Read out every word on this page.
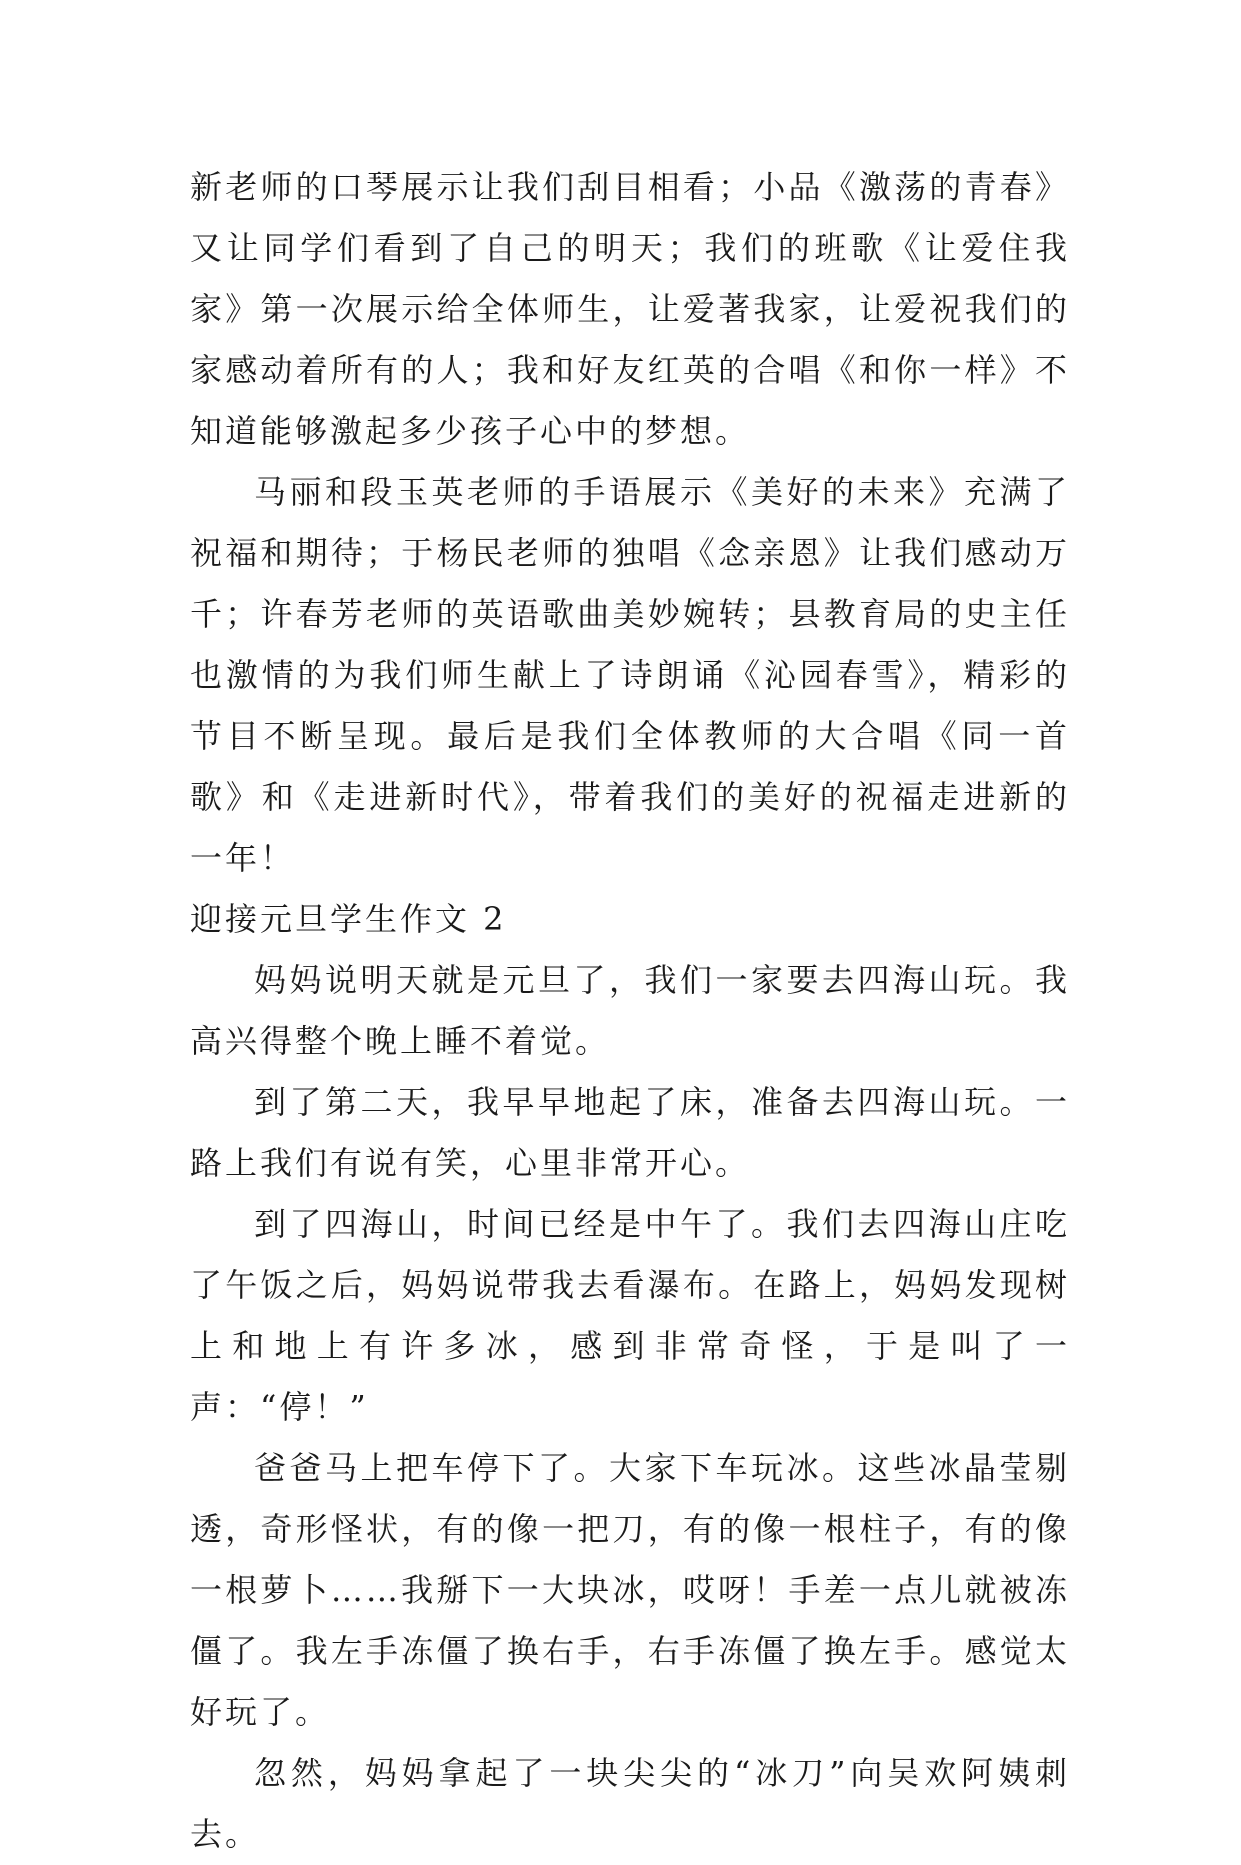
新老师的口琴展示让我们刮目相看；小品《激荡的青春》又让同学们看到了自己的明天；我们的班歌《让爱住我家》第一次展示给全体师生，让爱著我家，让爱祝我们的家感动着所有的人；我和好友红英的合唱《和你一样》不知道能够激起多少孩子心中的梦想。

马丽和段玉英老师的手语展示《美好的未来》充满了祝福和期待；于杨民老师的独唱《念亲恩》让我们感动万千；许春芳老师的英语歌曲美妙婉转；县教育局的史主任也激情的为我们师生献上了诗朗诵《沁园春雪》，精彩的节目不断呈现。最后是我们全体教师的大合唱《同一首歌》和《走进新时代》，带着我们的美好的祝福走进新的一年！

迎接元旦学生作文 2

妈妈说明天就是元旦了，我们一家要去四海山玩。我高兴得整个晚上睡不着觉。

到了第二天，我早早地起了床，准备去四海山玩。一路上我们有说有笑，心里非常开心。

到了四海山，时间已经是中午了。我们去四海山庄吃了午饭之后，妈妈说带我去看瀑布。在路上，妈妈发现树上和地上有许多冰，感到非常奇怪，于是叫了一声：“停！”

爸爸马上把车停下了。大家下车玩冰。这些冰晶莹剔透，奇形怪状，有的像一把刀，有的像一根柱子，有的像一根萝卜……我掰下一大块冰，哎呀！手差一点儿就被冻僵了。我左手冻僵了换右手，右手冻僵了换左手。感觉太好玩了。

忽然，妈妈拿起了一块尖尖的“冰刀”向吴欢阿姨刺去。
